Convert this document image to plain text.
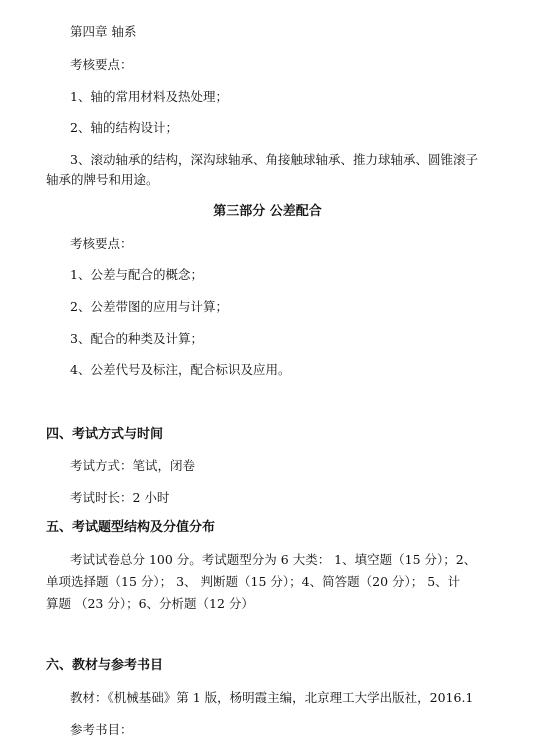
第四章 轴系
考核要点：
1、轴的常用材料及热处理；
2、轴的结构设计；
3、滚动轴承的结构，深沟球轴承、角接触球轴承、推力球轴承、圆锥滚子
轴承的牌号和用途。
第三部分 公差配合
考核要点：
1、公差与配合的概念；
2、公差带图的应用与计算；
3、配合的种类及计算；
4、公差代号及标注，配合标识及应用。
四、考试方式与时间
考试方式：笔试，闭卷
考试时长：2 小时
五、考试题型结构及分值分布
考试试卷总分 100 分。考试题型分为 6 大类： 1、填空题（15 分）；2、
单项选择题（15 分）； 3、 判断题（15 分）；4、简答题（20 分）； 5、计
算题 （23 分）；6、分析题（12 分）
六、教材与参考书目
教材：《机械基础》第 1 版，杨明霞主编，北京理工大学出版社，2016.1
参考书目：
